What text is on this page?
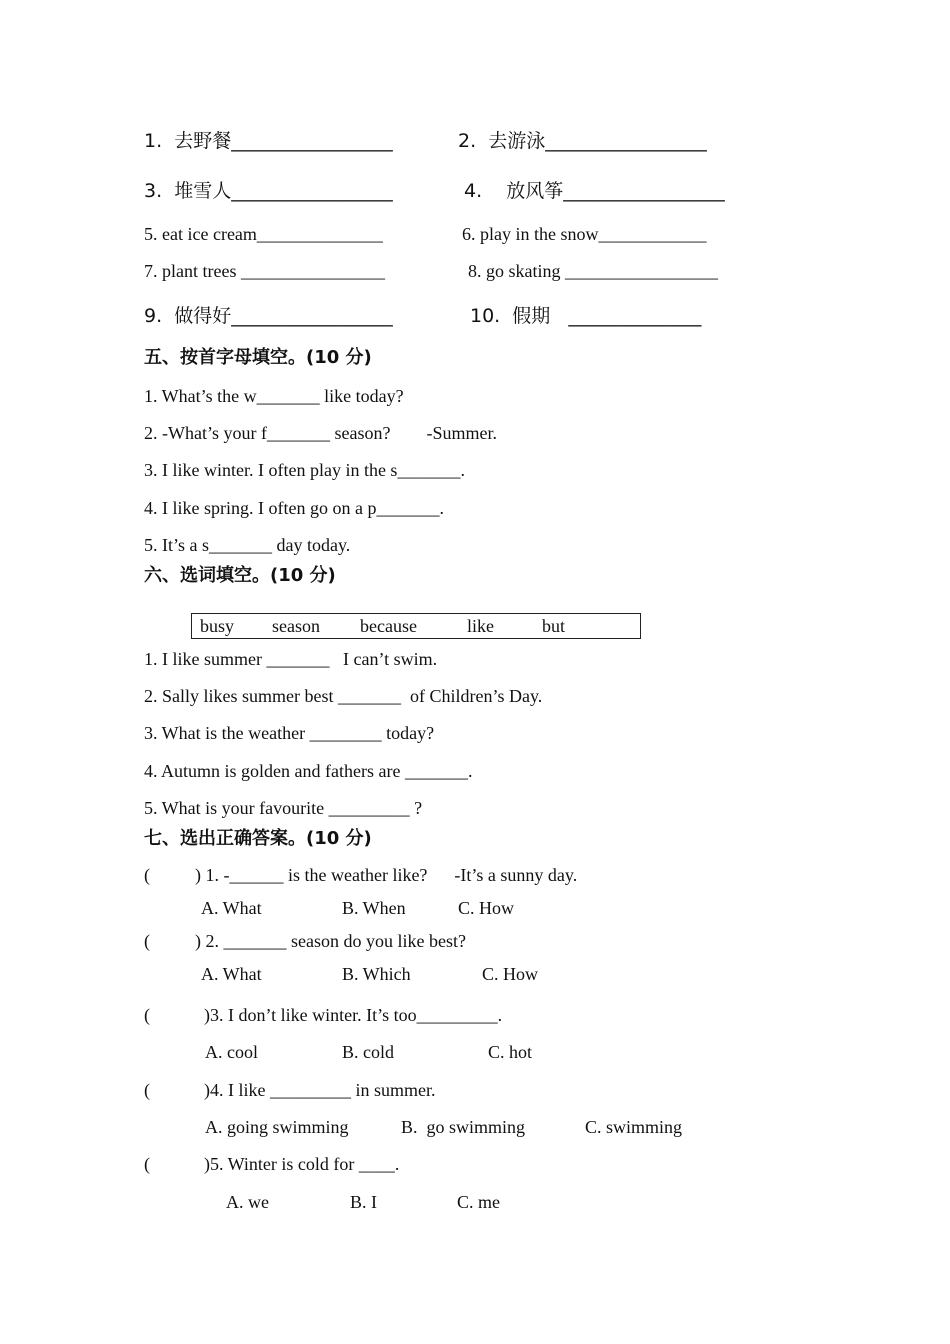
1.  去野餐_________________	2.  去游泳_________________
3.  堆雪人_________________	4.    放风筝_________________
5. eat ice cream______________	6. play in the snow____________
7. plant trees ________________	8. go skating _________________
9.  做得好_________________	10.  假期   ______________
五、按首字母填空。(10 分)
1. What’s the w_______ like today?
2. -What’s your f_______ season?        -Summer.
3. I like winter. I often play in the s_______.
4. I like spring. I often go on a p_______.
5. It’s a s_______ day today.
六、选词填空。(10 分)
busy season because	like	but
1. I like summer _______   I can’t swim.
2. Sally likes summer best _______  of Children’s Day.
3. What is the weather ________ today?
4. Autumn is golden and fathers are _______.
5. What is your favourite _________ ?
七、选出正确答案。(10 分)
(          ) 1. -______ is the weather like?      -It’s a sunny day.
A. What	B. When	C. How
(          ) 2. _______ season do you like best?
A. What	B. Which	C. How
(            )3. I don’t like winter. It’s too_________.
A. cool	B. cold	C. hot
(            )4. I like _________ in summer.
A. going swimming	B.  go swimming	C. swimming
(            )5. Winter is cold for ____.
A. we	B. I	C. me
